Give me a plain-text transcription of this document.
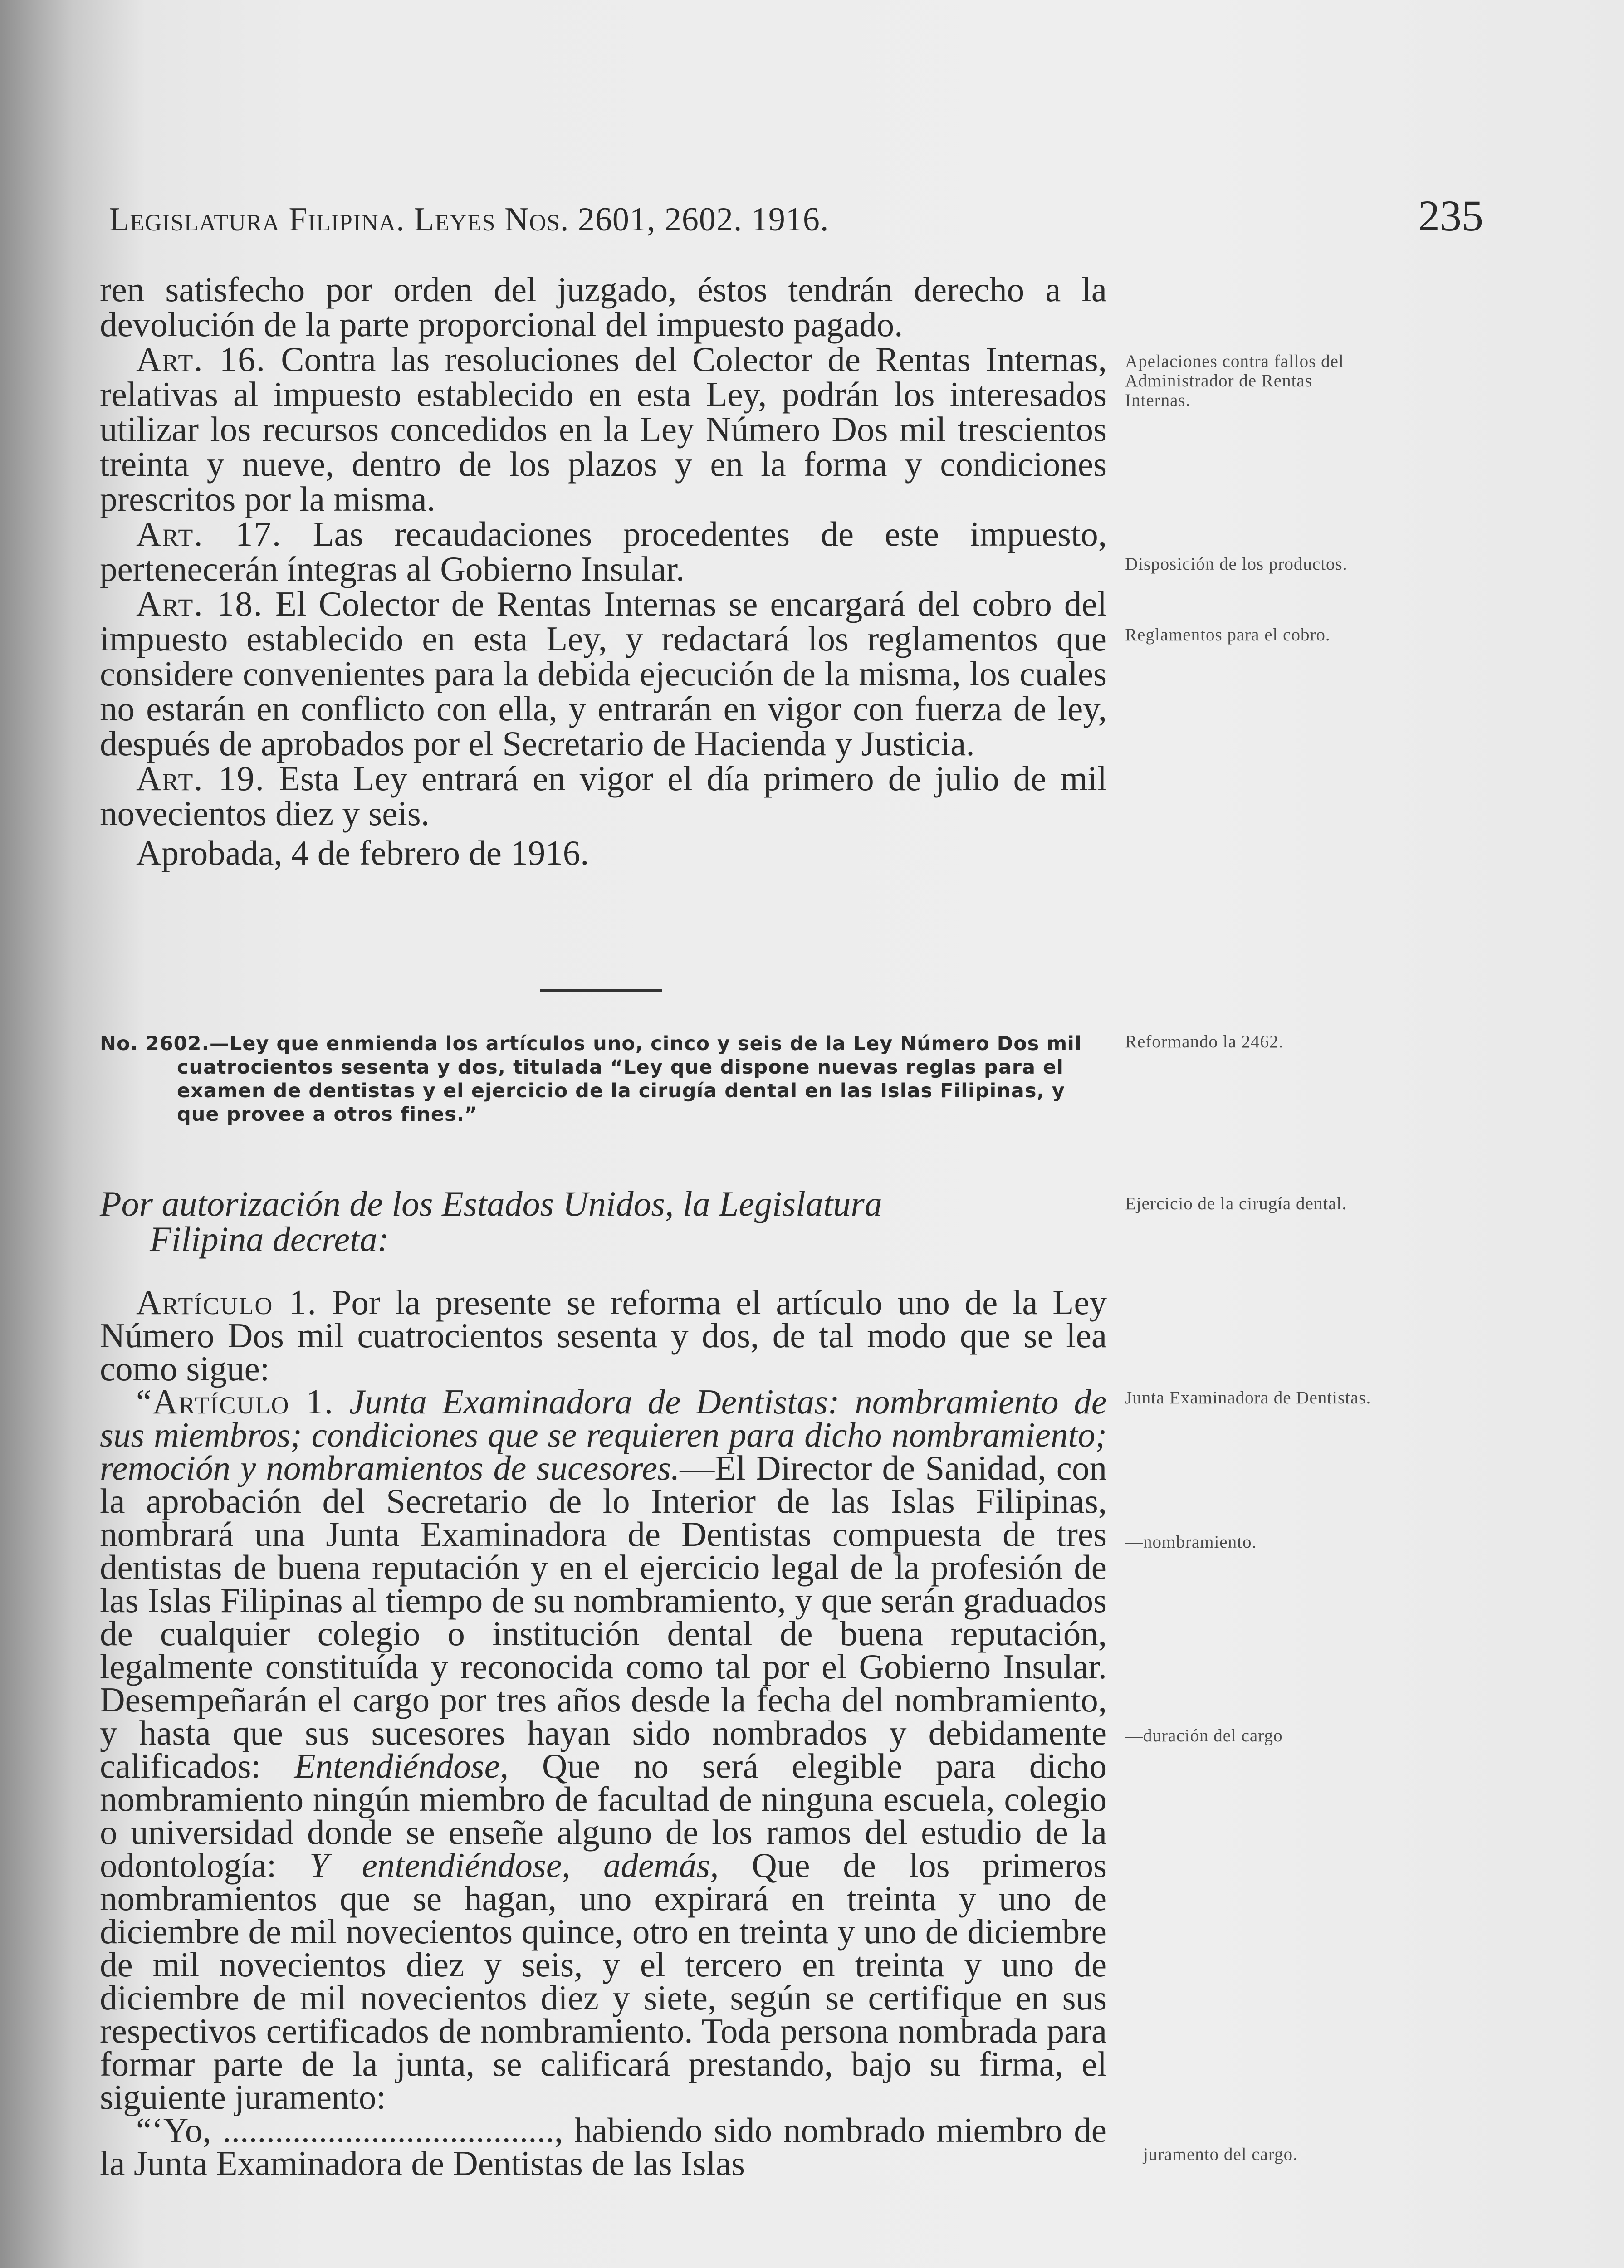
Legislatura Filipina. Leyes Nos. 2601, 2602. 1916.	235

ren satisfecho por orden del juzgado, éstos tendrán derecho a la devolución de la parte proporcional del impuesto pagado.

Art. 16. Contra las resoluciones del Colector de Rentas Internas, relativas al impuesto establecido en esta Ley, podrán los interesados utilizar los recursos concedidos en la Ley Número Dos mil trescientos treinta y nueve, dentro de los plazos y en la forma y condiciones prescritos por la misma.

Art. 17. Las recaudaciones procedentes de este impuesto, pertenecerán íntegras al Gobierno Insular.

Art. 18. El Colector de Rentas Internas se encargará del cobro del impuesto establecido en esta Ley, y redactará los reglamentos que considere convenientes para la debida ejecución de la misma, los cuales no estarán en conflicto con ella, y entrarán en vigor con fuerza de ley, después de aprobados por el Secretario de Hacienda y Justicia.

Art. 19. Esta Ley entrará en vigor el día primero de julio de mil novecientos diez y seis.

Aprobada, 4 de febrero de 1916.

No. 2602.—Ley que enmienda los artículos uno, cinco y seis de la Ley Número Dos mil cuatrocientos sesenta y dos, titulada “Ley que dispone nuevas reglas para el examen de dentistas y el ejercicio de la cirugía dental en las Islas Filipinas, y que provee a otros fines.”
Por autorización de los Estados Unidos, la Legislatura
Filipina decreta:

Artículo 1. Por la presente se reforma el artículo uno de la Ley Número Dos mil cuatrocientos sesenta y dos, de tal modo que se lea como sigue:

“Artículo 1. Junta Examinadora de Dentistas: nombramiento de sus miembros; condiciones que se requieren para dicho nombramiento; remoción y nombramientos de sucesores.—El Director de Sanidad, con la aprobación del Secretario de lo Interior de las Islas Filipinas, nombrará una Junta Examinadora de Dentistas compuesta de tres dentistas de buena reputación y en el ejercicio legal de la profesión de las Islas Filipinas al tiempo de su nombramiento, y que serán graduados de cualquier colegio o institución dental de buena reputación, legalmente constituída y reconocida como tal por el Gobierno Insular. Desempeñarán el cargo por tres años desde la fecha del nombramiento, y hasta que sus sucesores hayan sido nombrados y debidamente calificados: Entendiéndose, Que no será elegible para dicho nombramiento ningún miembro de facultad de ninguna escuela, colegio o universidad donde se enseñe alguno de los ramos del estudio de la odontología: Y entendiéndose, además, Que de los primeros nombramientos que se hagan, uno expirará en treinta y uno de diciembre de mil novecientos quince, otro en treinta y uno de diciembre de mil novecientos diez y seis, y el tercero en treinta y uno de diciembre de mil novecientos diez y siete, según se certifique en sus respectivos certificados de nombramiento. Toda persona nombrada para formar parte de la junta, se calificará prestando, bajo su firma, el siguiente juramento:

“‘Yo, ......................................, habiendo sido nombrado miembro de la Junta Examinadora de Dentistas de las Islas

Apelaciones contra fallos del Administrador de Rentas Internas.
Disposición de los productos.
Reglamentos para el cobro.
Reformando la 2462.
Ejercicio de la cirugía dental.
Junta Examinadora de Dentistas.
—nombramiento.
—duración del cargo
—juramento del cargo.
